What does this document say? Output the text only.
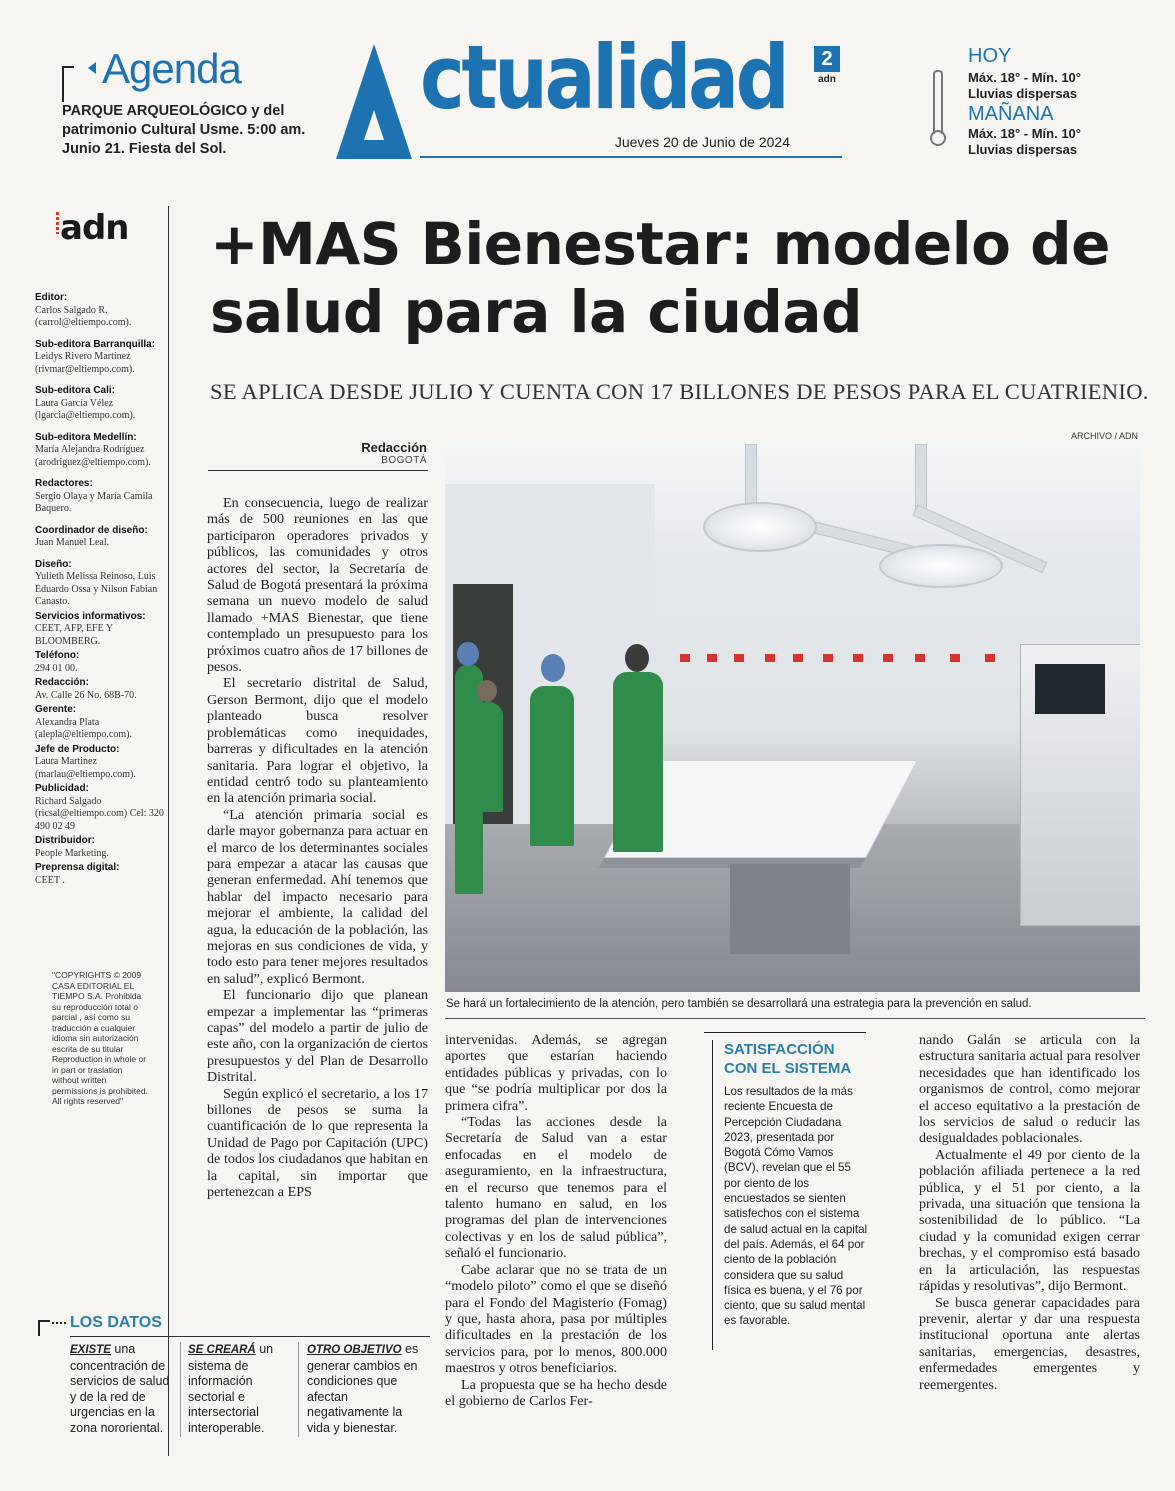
Agenda
PARQUE ARQUEOLÓGICO y del patrimonio Cultural Usme. 5:00 am. Junio 21. Fiesta del Sol.
ctualidad	2
adn
Jueves 20 de Junio de 2024
HOY
Máx. 18° - Mín. 10°
Lluvias dispersas
MAÑANA
Máx. 18° - Mín. 10°
Lluvias dispersas
adn
Editor:
Carlos Salgado R. (carrol@eltiempo.com).
Sub-editora Barranquilla:
Leidys Rivero Martínez (rivmar@eltiempo.com).
Sub-editora Cali:
Laura García Vélez (lgarcia@eltiempo.com).
Sub-editora Medellín:
María Alejandra Rodríguez (arodriguez@eltiempo.com).
Redactores:
Sergio Olaya y María Camila Baquero.
Coordinador de diseño:
Juan Manuel Leal.
Diseño:
Yulieth Melissa Reinoso, Luis Eduardo Ossa y Nilson Fabian Canasto.
Servicios informativos:
CEET, AFP, EFE Y BLOOMBERG.
Teléfono:
294 01 00.
Redacción:
Av. Calle 26 No. 68B-70.
Gerente:
Alexandra Plata (alepla@eltiempo.com).
Jefe de Producto:
Laura Martinez (marlau@eltiempo.com).
Publicidad:
Richard Salgado (ricsal@eltiempo.com) Cel: 320 490 02 49
Distribuidor:
People Marketing.
Preprensa digital:
CEET .
"COPYRIGHTS © 2009 CASA EDITORIAL EL TIEMPO S.A. Prohibida su reproducción total o parcial , así como su traducción a cualquier idioma sin autorización escrita de su titular Reproduction in whole or in part or traslation without written permissions is prohibited. All rights reserved"
+MAS Bienestar: modelo de salud para la ciudad
SE APLICA DESDE JULIO Y CUENTA CON 17 BILLONES DE PESOS PARA EL CUATRIENIO.
Redacción
BOGOTÁ
ARCHIVO / ADN
Se hará un fortalecimiento de la atención, pero también se desarrollará una estrategia para la prevención en salud.

En consecuencia, luego de realizar más de 500 reuniones en las que participaron operadores privados y públicos, las comunidades y otros actores del sector, la Secretaría de Salud de Bogotá presentará la próxima semana un nuevo modelo de salud llamado +MAS Bienestar, que tiene contemplado un presupuesto para los próximos cuatro años de 17 billones de pesos.

El secretario distrital de Salud, Gerson Bermont, dijo que el modelo planteado busca resolver problemáticas como inequidades, barreras y dificultades en la atención sanitaria. Para lograr el objetivo, la entidad centró todo su planteamiento en la atención primaria social.

“La atención primaria social es darle mayor gobernanza para actuar en el marco de los determinantes sociales para empezar a atacar las causas que generan enfermedad. Ahí tenemos que hablar del impacto necesario para mejorar el ambiente, la calidad del agua, la educación de la población, las mejoras en sus condiciones de vida, y todo esto para tener mejores resultados en salud”, explicó Bermont.

El funcionario dijo que planean empezar a implementar las “primeras capas” del modelo a partir de julio de este año, con la organización de ciertos presupuestos y del Plan de Desarrollo Distrital.

Según explicó el secretario, a los 17 billones de pesos se suma la cuantificación de lo que representa la Unidad de Pago por Capitación (UPC) de todos los ciudadanos que habitan en la capital, sin importar que pertenezcan a EPS

intervenidas. Además, se agregan aportes que estarían haciendo entidades públicas y privadas, con lo que “se podría multiplicar por dos la primera cifra”.

“Todas las acciones desde la Secretaría de Salud van a estar enfocadas en el modelo de aseguramiento, en la infraestructura, en el recurso que tenemos para el talento humano en salud, en los programas del plan de intervenciones colectivas y en los de salud pública”, señaló el funcionario.

Cabe aclarar que no se trata de un “modelo piloto” como el que se diseñó para el Fondo del Magisterio (Fomag) y que, hasta ahora, pasa por múltiples dificultades en la prestación de los servicios para, por lo menos, 800.000 maestros y otros beneficiarios.

La propuesta que se ha hecho desde el gobierno de Carlos Fer-

nando Galán se articula con la estructura sanitaria actual para resolver necesidades que han identificado los organismos de control, como mejorar el acceso equitativo a la prestación de los servicios de salud o reducir las desigualdades poblacionales.

Actualmente el 49 por ciento de la población afiliada pertenece a la red pública, y el 51 por ciento, a la privada, una situación que tensiona la sostenibilidad de lo público. “La ciudad y la comunidad exigen cerrar brechas, y el compromiso está basado en la articulación, las respuestas rápidas y resolutivas”, dijo Bermont.

Se busca generar capacidades para prevenir, alertar y dar una respuesta institucional oportuna ante alertas sanitarias, emergencias, desastres, enfermedades emergentes y reemergentes.

SATISFACCIÓN CON EL SISTEMA
Los resultados de la más reciente Encuesta de Percepción Ciudadana 2023, presentada por Bogotá Cómo Vamos (BCV), revelan que el 55 por ciento de los encuestados se sienten satisfechos con el sistema de salud actual en la capital del país. Además, el 64 por ciento de la población considera que su salud física es buena, y el 76 por ciento, que su salud mental es favorable.
LOS DATOS
EXISTE una concentración de servicios de salud y de la red de urgencias en la zona nororiental.
SE CREARÁ un sistema de información sectorial e intersectorial interoperable.
OTRO OBJETIVO es generar cambios en condiciones que afectan negativamente la vida y bienestar.
